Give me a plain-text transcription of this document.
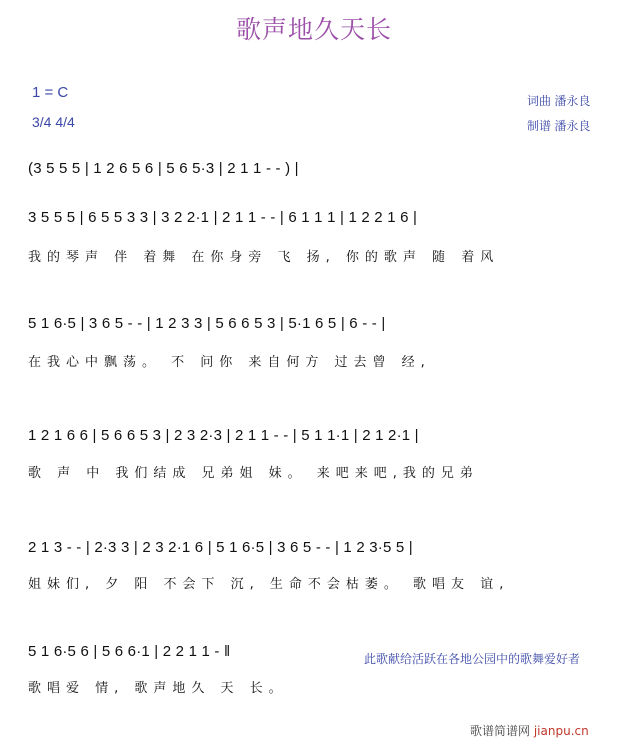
歌声地久天长
1 = C
3/4 4/4
词曲 潘永良
制谱 潘永良
(3 5 5 5 | 1 2 6 5 6 | 5 6 5·3 | 2 1 1 - - ) |
3 5 5 5 | 6 5 5 3 3 | 3 2 2·1 | 2 1 1 - - | 6 1 1 1 | 1 2 2 1 6 |
我的琴声 伴 着舞 在你身旁 飞 扬, 你的歌声 随 着风
5 1 6·5 | 3 6 5 - - | 1 2 3 3 | 5 6 6 5 3 | 5·1 6 5 | 6 - - |
在我心中飘荡。 不 问你 来自何方 过去曾 经,
1 2 1 6 6 | 5 6 6 5 3 | 2 3 2·3 | 2 1 1 - - | 5 1 1·1 | 2 1 2·1 |
歌 声 中 我们结成 兄弟姐 妹。 来吧来吧,我的兄弟
2 1 3 - - | 2·3 3 | 2 3 2·1 6 | 5 1 6·5 | 3 6 5 - - | 1 2 3·5 5 |
姐妹们, 夕 阳 不会下 沉, 生命不会枯萎。 歌唱友 谊,
5 1 6·5 6 | 5 6 6·1 | 2 2 1 1 - ‖
歌唱爱 情, 歌声地久 天 长。
此歌献给活跃在各地公园中的歌舞爱好者
歌谱简谱网 jianpu.cn
